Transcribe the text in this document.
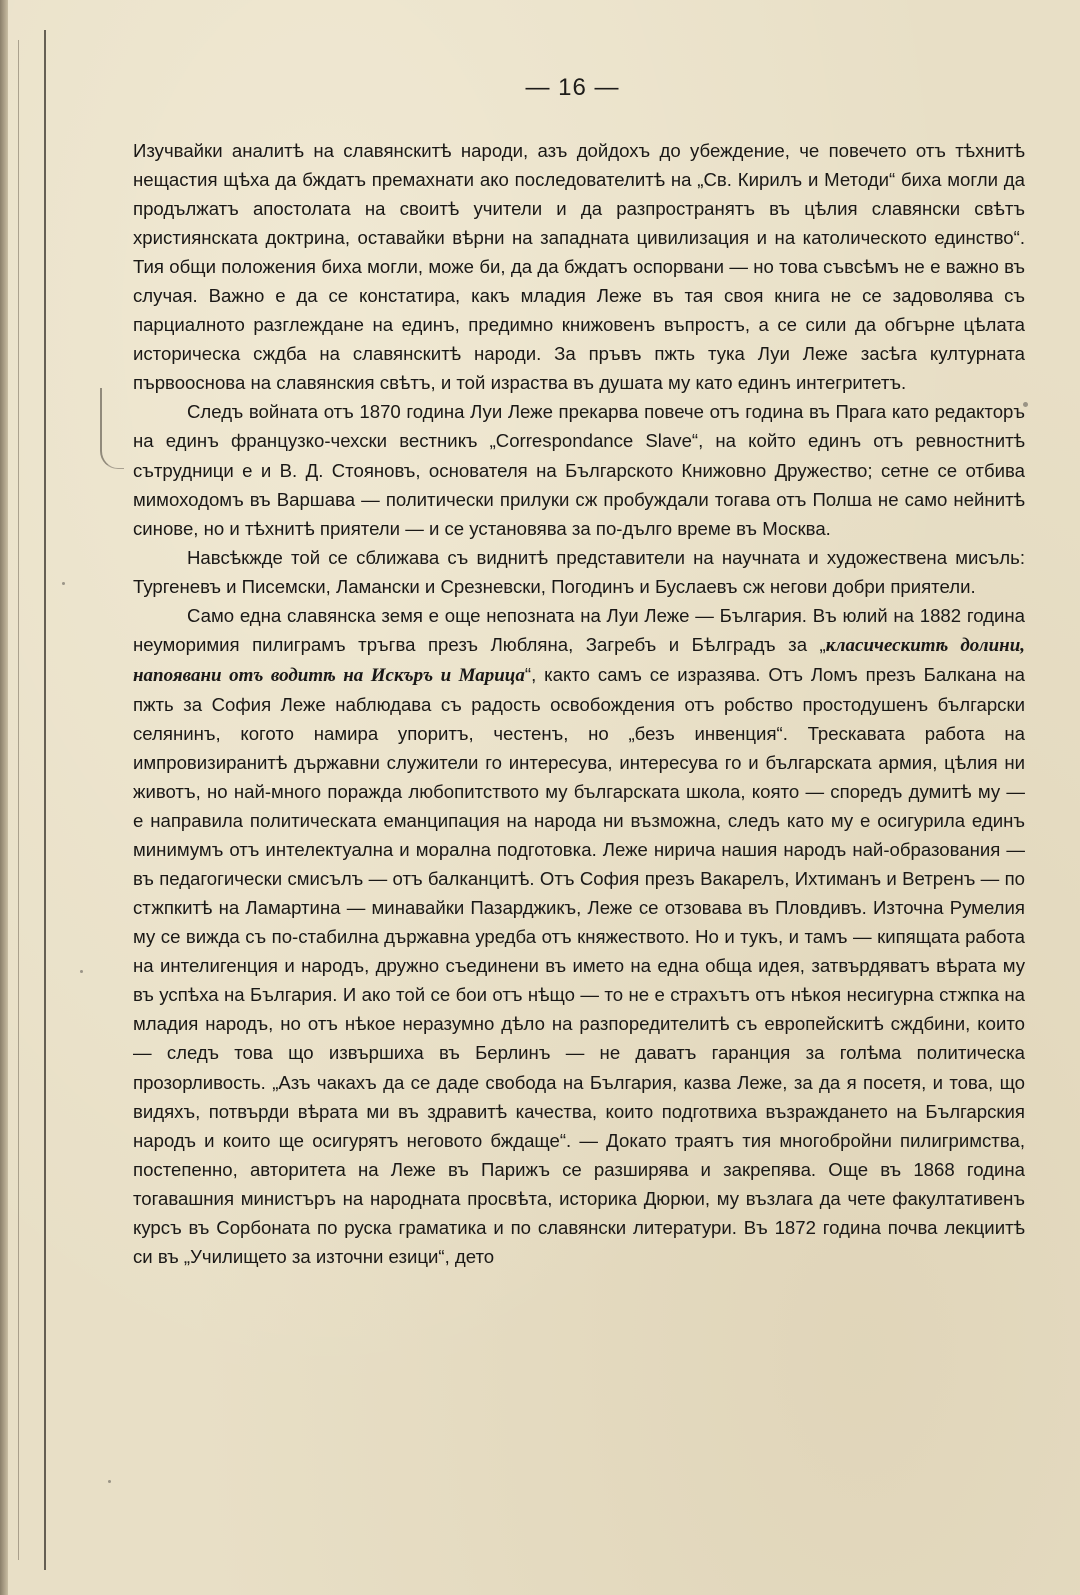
— 16 —

Изучвайки аналитѣ на славянскитѣ народи, азъ дойдохъ до убеждение, че повечето отъ тѣхнитѣ нещастия щѣха да бждатъ премахнати ако последователитѣ на „Св. Кирилъ и Методи“ биха могли да продължатъ апостолата на своитѣ учители и да разпространятъ въ цѣлия славянски свѣтъ християнската доктрина, оставайки вѣрни на западната цивилизация и на католическото единство“. Тия общи положения биха могли, може би, да да бждатъ оспорвани — но това съвсѣмъ не е важно въ случая. Важно е да се констатира, какъ младия Леже въ тая своя книга не се задоволява съ парциалното разглеждане на единъ, предимно книжовенъ въпростъ, а се сили да обгърне цѣлата историческа сждба на славянскитѣ народи. За пръвъ пжть тука Луи Леже засѣга културната първооснова на славянския свѣтъ, и той израства въ душата му като единъ интегритетъ.

Следъ войната отъ 1870 година Луи Леже прекарва повече отъ година въ Прага като редакторъ на единъ французко-чехски вестникъ „Correspondance Slave“, на който единъ отъ ревностнитѣ сътрудници е и В. Д. Стояновъ, основателя на Българското Книжовно Дружество; сетне се отбива мимоходомъ въ Варшава — политически прилуки сж пробуждали тогава отъ Полша не само нейнитѣ синове, но и тѣхнитѣ приятели — и се установява за по-дълго време въ Москва.

Навсѣкжде той се сближава съ виднитѣ представители на научната и художествена мисъль: Тургеневъ и Писемски, Ламански и Срезневски, Погодинъ и Буслаевъ сж негови добри приятели.

Само една славянска земя е още непозната на Луи Леже — България. Въ юлий на 1882 година неуморимия пилиграмъ тръгва презъ Любляна, Загребъ и Бѣлградъ за „класическитѣ долини, напоявани отъ водитѣ на Искъръ и Марица“, както самъ се изразява. Отъ Ломъ презъ Балкана на пжть за София Леже наблюдава съ радость освобождения отъ робство простодушенъ български селянинъ, когото намира упоритъ, честенъ, но „безъ инвенция“. Трескавата работа на импровизиранитѣ държавни служители го интересува, интересува го и българската армия, цѣлия ни животъ, но най-много поражда любопитството му българската школа, която — споредъ думитѣ му — е направила политическата еманципация на народа ни възможна, следъ като му е осигурила единъ минимумъ отъ интелектуална и морална подготовка. Леже нирича нашия народъ най-образования — въ педагогически смисълъ — отъ балканцитѣ. Отъ София презъ Вакарелъ, Ихтиманъ и Ветренъ — по стжпкитѣ на Ламартина — минавайки Пазарджикъ, Леже се отзовава въ Пловдивъ. Източна Румелия му се вижда съ по-стабилна държавна уредба отъ княжеството. Но и тукъ, и тамъ — кипящата работа на интелигенция и народъ, дружно съединени въ името на една обща идея, затвърдяватъ вѣрата му въ успѣха на България. И ако той се бои отъ нѣщо — то не е страхътъ отъ нѣкоя несигурна стжпка на младия народъ, но отъ нѣкое неразумно дѣло на разпоредителитѣ съ европейскитѣ сждбини, които — следъ това що извършиха въ Берлинъ — не даватъ гаранция за голѣма политическа прозорливость. „Азъ чакахъ да се даде свобода на България, казва Леже, за да я посетя, и това, що видяхъ, потвърди вѣрата ми въ здравитѣ качества, които подготвиха възраждането на Българския народъ и които ще осигурятъ неговото бждаще“. — Докато траятъ тия многобройни пилигримства, постепенно, авторитета на Леже въ Парижъ се разширява и закрепява. Още въ 1868 година тогавашния министъръ на народната просвѣта, историка Дюрюи, му възлага да чете факултативенъ курсъ въ Сорбоната по руска граматика и по славянски литератури. Въ 1872 година почва лекциитѣ си въ „Училището за източни езици“, дето
